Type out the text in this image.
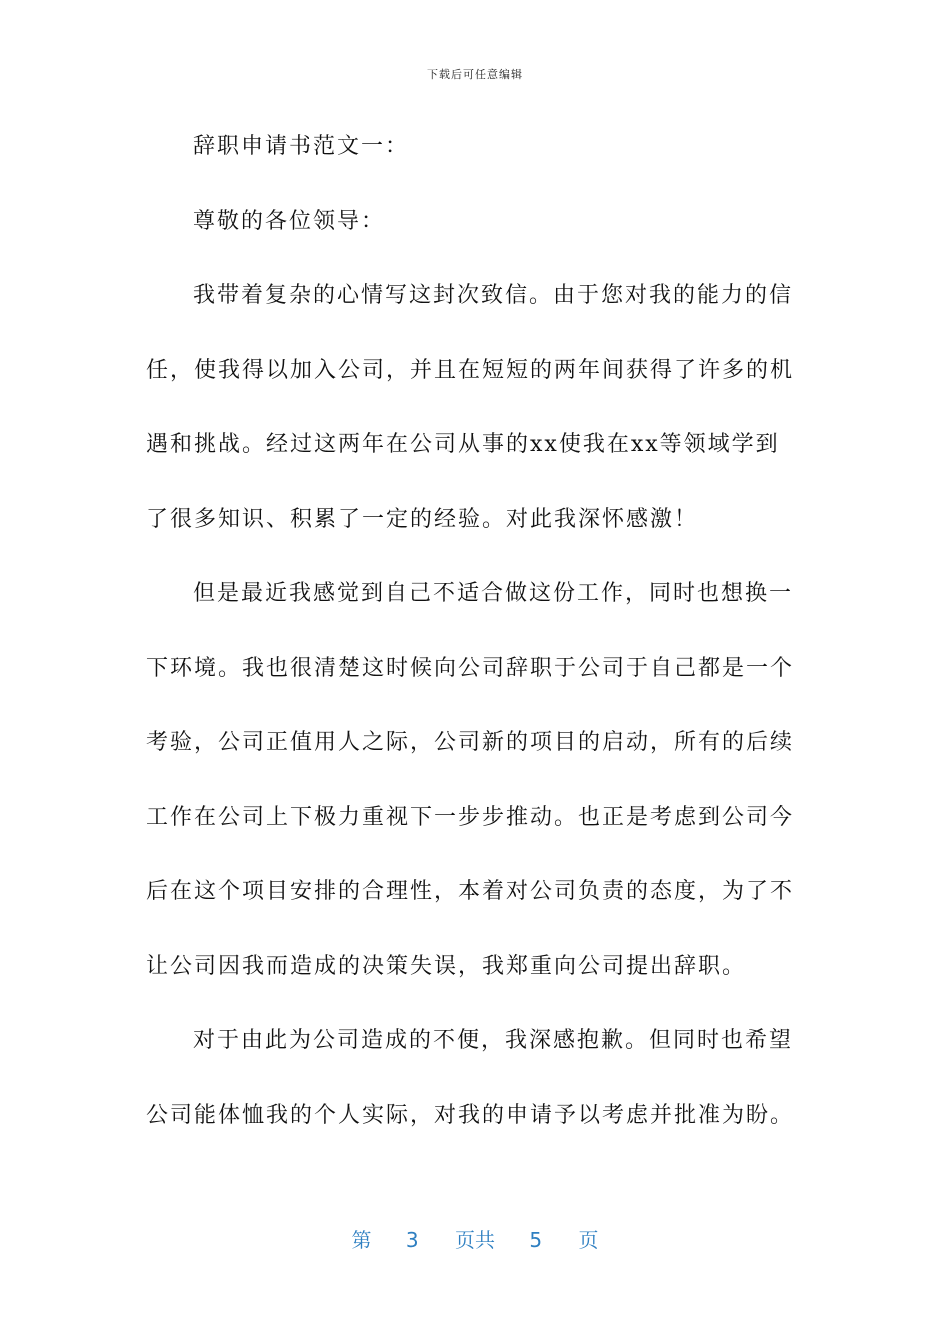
下载后可任意编辑
辞职申请书范文一：
尊敬的各位领导：
我带着复杂的心情写这封次致信。由于您对我的能力的信
任，使我得以加入公司，并且在短短的两年间获得了许多的机
遇和挑战。经过这两年在公司从事的xx使我在xx等领域学到
了很多知识、积累了一定的经验。对此我深怀感激！
但是最近我感觉到自己不适合做这份工作，同时也想换一
下环境。我也很清楚这时候向公司辞职于公司于自己都是一个
考验，公司正值用人之际，公司新的项目的启动，所有的后续
工作在公司上下极力重视下一步步推动。也正是考虑到公司今
后在这个项目安排的合理性，本着对公司负责的态度，为了不
让公司因我而造成的决策失误，我郑重向公司提出辞职。
对于由此为公司造成的不便，我深感抱歉。但同时也希望
公司能体恤我的个人实际，对我的申请予以考虑并批准为盼。
第 3 页共 5 页
